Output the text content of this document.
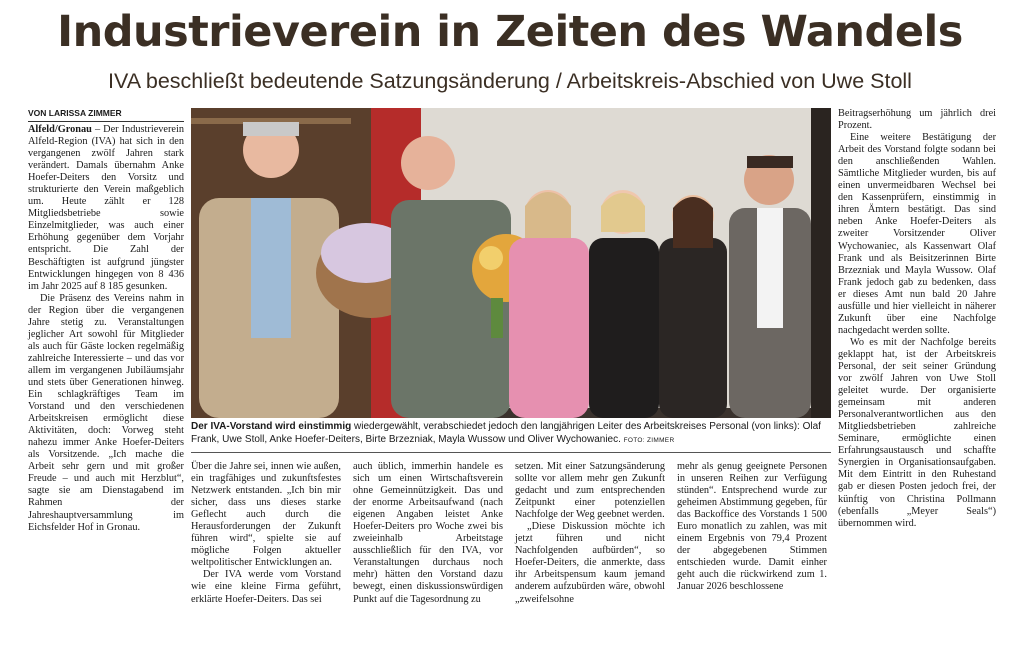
Industrieverein in Zeiten des Wandels
IVA beschließt bedeutende Satzungsänderung / Arbeitskreis-Abschied von Uwe Stoll
VON LARISSA ZIMMER

Alfeld/Gronau – Der Industrieverein Alfeld-Region (IVA) hat sich in den vergangenen zwölf Jahren stark verändert. Damals übernahm Anke Hoefer-Deiters den Vorsitz und strukturierte den Verein maßgeblich um. Heute zählt er 128 Mitgliedsbetriebe sowie Einzelmitglieder, was auch einer Erhöhung gegenüber dem Vorjahr entspricht. Die Zahl der Beschäftigten ist aufgrund jüngster Entwicklungen hingegen von 8 436 im Jahr 2025 auf 8 185 gesunken.

Die Präsenz des Vereins nahm in der Region über die vergangenen Jahre stetig zu. Veranstaltungen jeglicher Art sowohl für Mitglieder als auch für Gäste locken regelmäßig zahlreiche Interessierte – und das vor allem im vergangenen Jubiläumsjahr und stets über Generationen hinweg. Ein schlagkräftiges Team im Vorstand und den verschiedenen Arbeitskreisen ermöglicht diese Aktivitäten, doch: Vorweg steht nahezu immer Anke Hoefer-Deiters als Vorsitzende. „Ich mache die Arbeit sehr gern und mit großer Freude – und auch mit Herzblut“, sagte sie am Dienstagabend im Rahmen der Jahreshauptversammlung im Eichsfelder Hof in Gronau.

Der IVA-Vorstand wird einstimmig wiedergewählt, verabschiedet jedoch den langjährigen Leiter des Arbeitskreises Personal (von links): Olaf Frank, Uwe Stoll, Anke Hoefer-Deiters, Birte Brzezniak, Mayla Wussow und Oliver Wychowaniec. FOTO: ZIMMER

Über die Jahre sei, innen wie außen, ein tragfähiges und zukunftsfestes Netzwerk entstanden. „Ich bin mir sicher, dass uns dieses starke Geflecht auch durch die Herausforderungen der Zukunft führen wird“, spielte sie auf mögliche Folgen aktueller weltpolitischer Entwicklungen an.

Der IVA werde vom Vorstand wie eine kleine Firma geführt, erklärte Hoefer-Deiters. Das sei

auch üblich, immerhin handele es sich um einen Wirtschaftsverein ohne Gemeinnützigkeit. Das und der enorme Arbeitsaufwand (nach eigenen Angaben leistet Anke Hoefer-Deiters pro Woche zwei bis zweieinhalb Arbeitstage ausschließlich für den IVA, vor Veranstaltungen durchaus noch mehr) hätten den Vorstand dazu bewegt, einen diskussionswürdigen Punkt auf die Tagesordnung zu

setzen. Mit einer Satzungsänderung sollte vor allem mehr gen Zukunft gedacht und zum entsprechenden Zeitpunkt einer potenziellen Nachfolge der Weg geebnet werden.

„Diese Diskussion möchte ich jetzt führen und nicht Nachfolgenden aufbürden“, so Hoefer-Deiters, die anmerkte, dass ihr Arbeitspensum kaum jemand anderem aufzubürden wäre, obwohl „zweifelsohne

mehr als genug geeignete Personen in unseren Reihen zur Verfügung stünden“. Entsprechend wurde zur geheimen Abstimmung gegeben, für das Backoffice des Vorstands 1 500 Euro monatlich zu zahlen, was mit einem Ergebnis von 79,4 Prozent der abgegebenen Stimmen entschieden wurde. Damit einher geht auch die rückwirkend zum 1. Januar 2026 beschlossene

Beitragserhöhung um jährlich drei Prozent.

Eine weitere Bestätigung der Arbeit des Vorstand folgte sodann bei den anschließenden Wahlen. Sämtliche Mitglieder wurden, bis auf einen unvermeidbaren Wechsel bei den Kassenprüfern, einstimmig in ihren Ämtern bestätigt. Das sind neben Anke Hoefer-Deiters als zweiter Vorsitzender Oliver Wychowaniec, als Kassenwart Olaf Frank und als Beisitzerinnen Birte Brzezniak und Mayla Wussow. Olaf Frank jedoch gab zu bedenken, dass er dieses Amt nun bald 20 Jahre ausfülle und hier vielleicht in näherer Zukunft über eine Nachfolge nachgedacht werden sollte.

Wo es mit der Nachfolge bereits geklappt hat, ist der Arbeitskreis Personal, der seit seiner Gründung vor zwölf Jahren von Uwe Stoll geleitet wurde. Der organisierte gemeinsam mit anderen Personalverantwortlichen aus den Mitgliedsbetrieben zahlreiche Seminare, ermöglichte einen Erfahrungsaustausch und schaffte Synergien in Organisationsaufgaben. Mit dem Eintritt in den Ruhestand gab er diesen Posten jedoch frei, der künftig von Christina Pollmann (ebenfalls „Meyer Seals“) übernommen wird.
